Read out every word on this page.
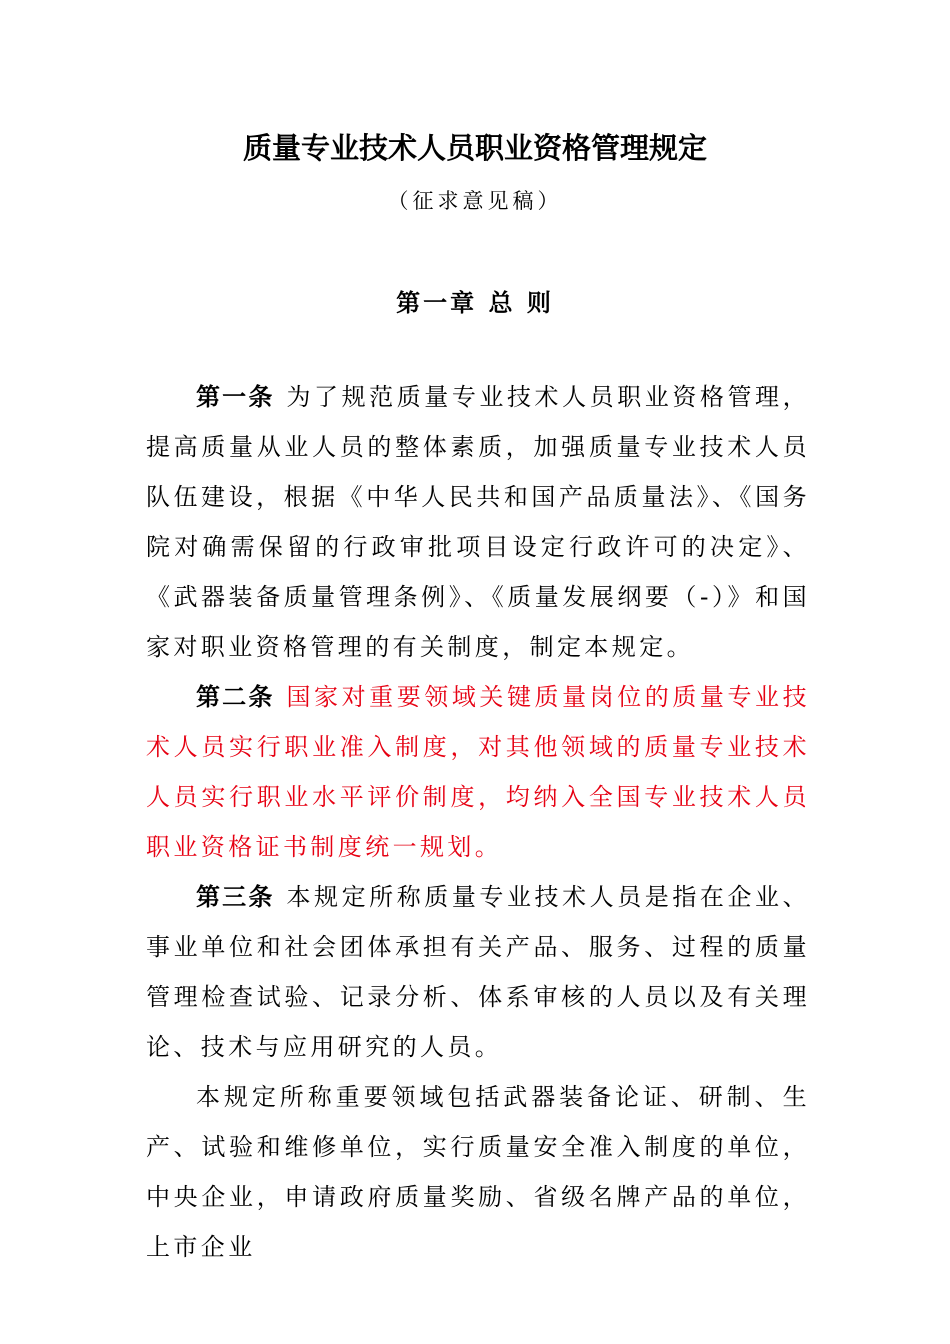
质量专业技术人员职业资格管理规定
（征求意见稿）
第一章 总 则

第一条 为了规范质量专业技术人员职业资格管理，提高质量从业人员的整体素质，加强质量专业技术人员队伍建设，根据《中华人民共和国产品质量法》、《国务院对确需保留的行政审批项目设定行政许可的决定》、《武器装备质量管理条例》、《质量发展纲要（-）》和国家对职业资格管理的有关制度，制定本规定。

第二条 国家对重要领域关键质量岗位的质量专业技术人员实行职业准入制度，对其他领域的质量专业技术人员实行职业水平评价制度，均纳入全国专业技术人员职业资格证书制度统一规划。

第三条 本规定所称质量专业技术人员是指在企业、事业单位和社会团体承担有关产品、服务、过程的质量管理检查试验、记录分析、体系审核的人员以及有关理论、技术与应用研究的人员。

本规定所称重要领域包括武器装备论证、研制、生产、试验和维修单位，实行质量安全准入制度的单位，中央企业，申请政府质量奖励、省级名牌产品的单位，上市企业
